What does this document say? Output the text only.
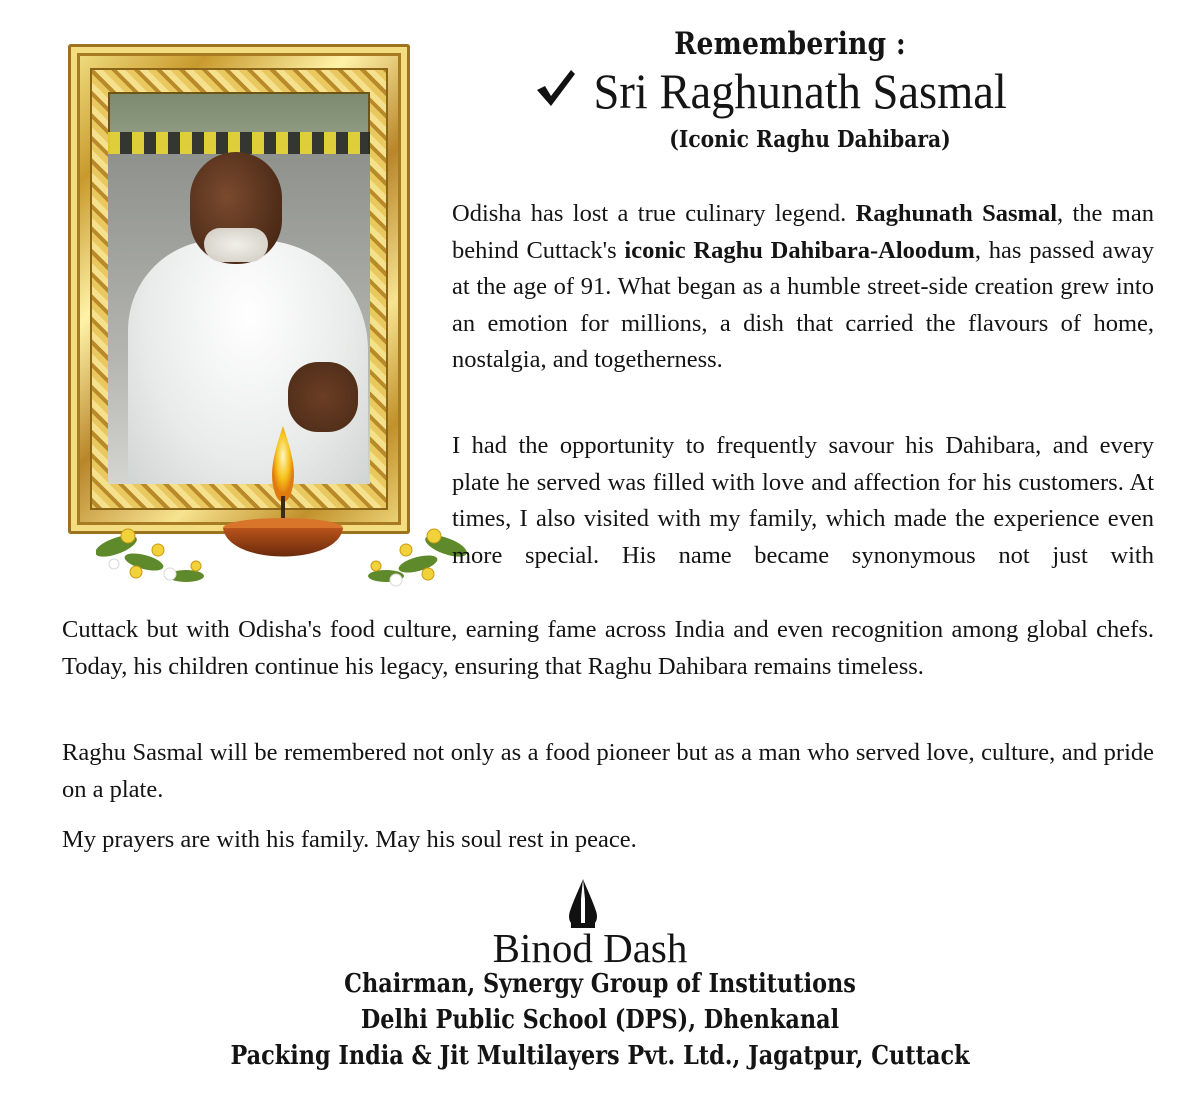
Remembering :
Sri Raghunath Sasmal
(Iconic Raghu Dahibara)

Odisha has lost a true culinary legend. Raghunath Sasmal, the man behind Cuttack's iconic Raghu Dahibara-Aloodum, has passed away at the age of 91. What began as a humble street-side creation grew into an emotion for millions, a dish that carried the flavours of home, nostalgia, and togetherness.

I had the opportunity to frequently savour his Dahibara, and every plate he served was filled with love and affection for his customers. At times, I also visited with my family, which made the experience even more special. His name became synonymous not just with

Cuttack but with Odisha's food culture, earning fame across India and even recognition among global chefs. Today, his children continue his legacy, ensuring that Raghu Dahibara remains timeless.

Raghu Sasmal will be remembered not only as a food pioneer but as a man who served love, culture, and pride on a plate.

My prayers are with his family. May his soul rest in peace.

Binod Dash
Chairman, Synergy Group of Institutions
Delhi Public School (DPS), Dhenkanal
Packing India & Jit Multilayers Pvt. Ltd., Jagatpur, Cuttack
